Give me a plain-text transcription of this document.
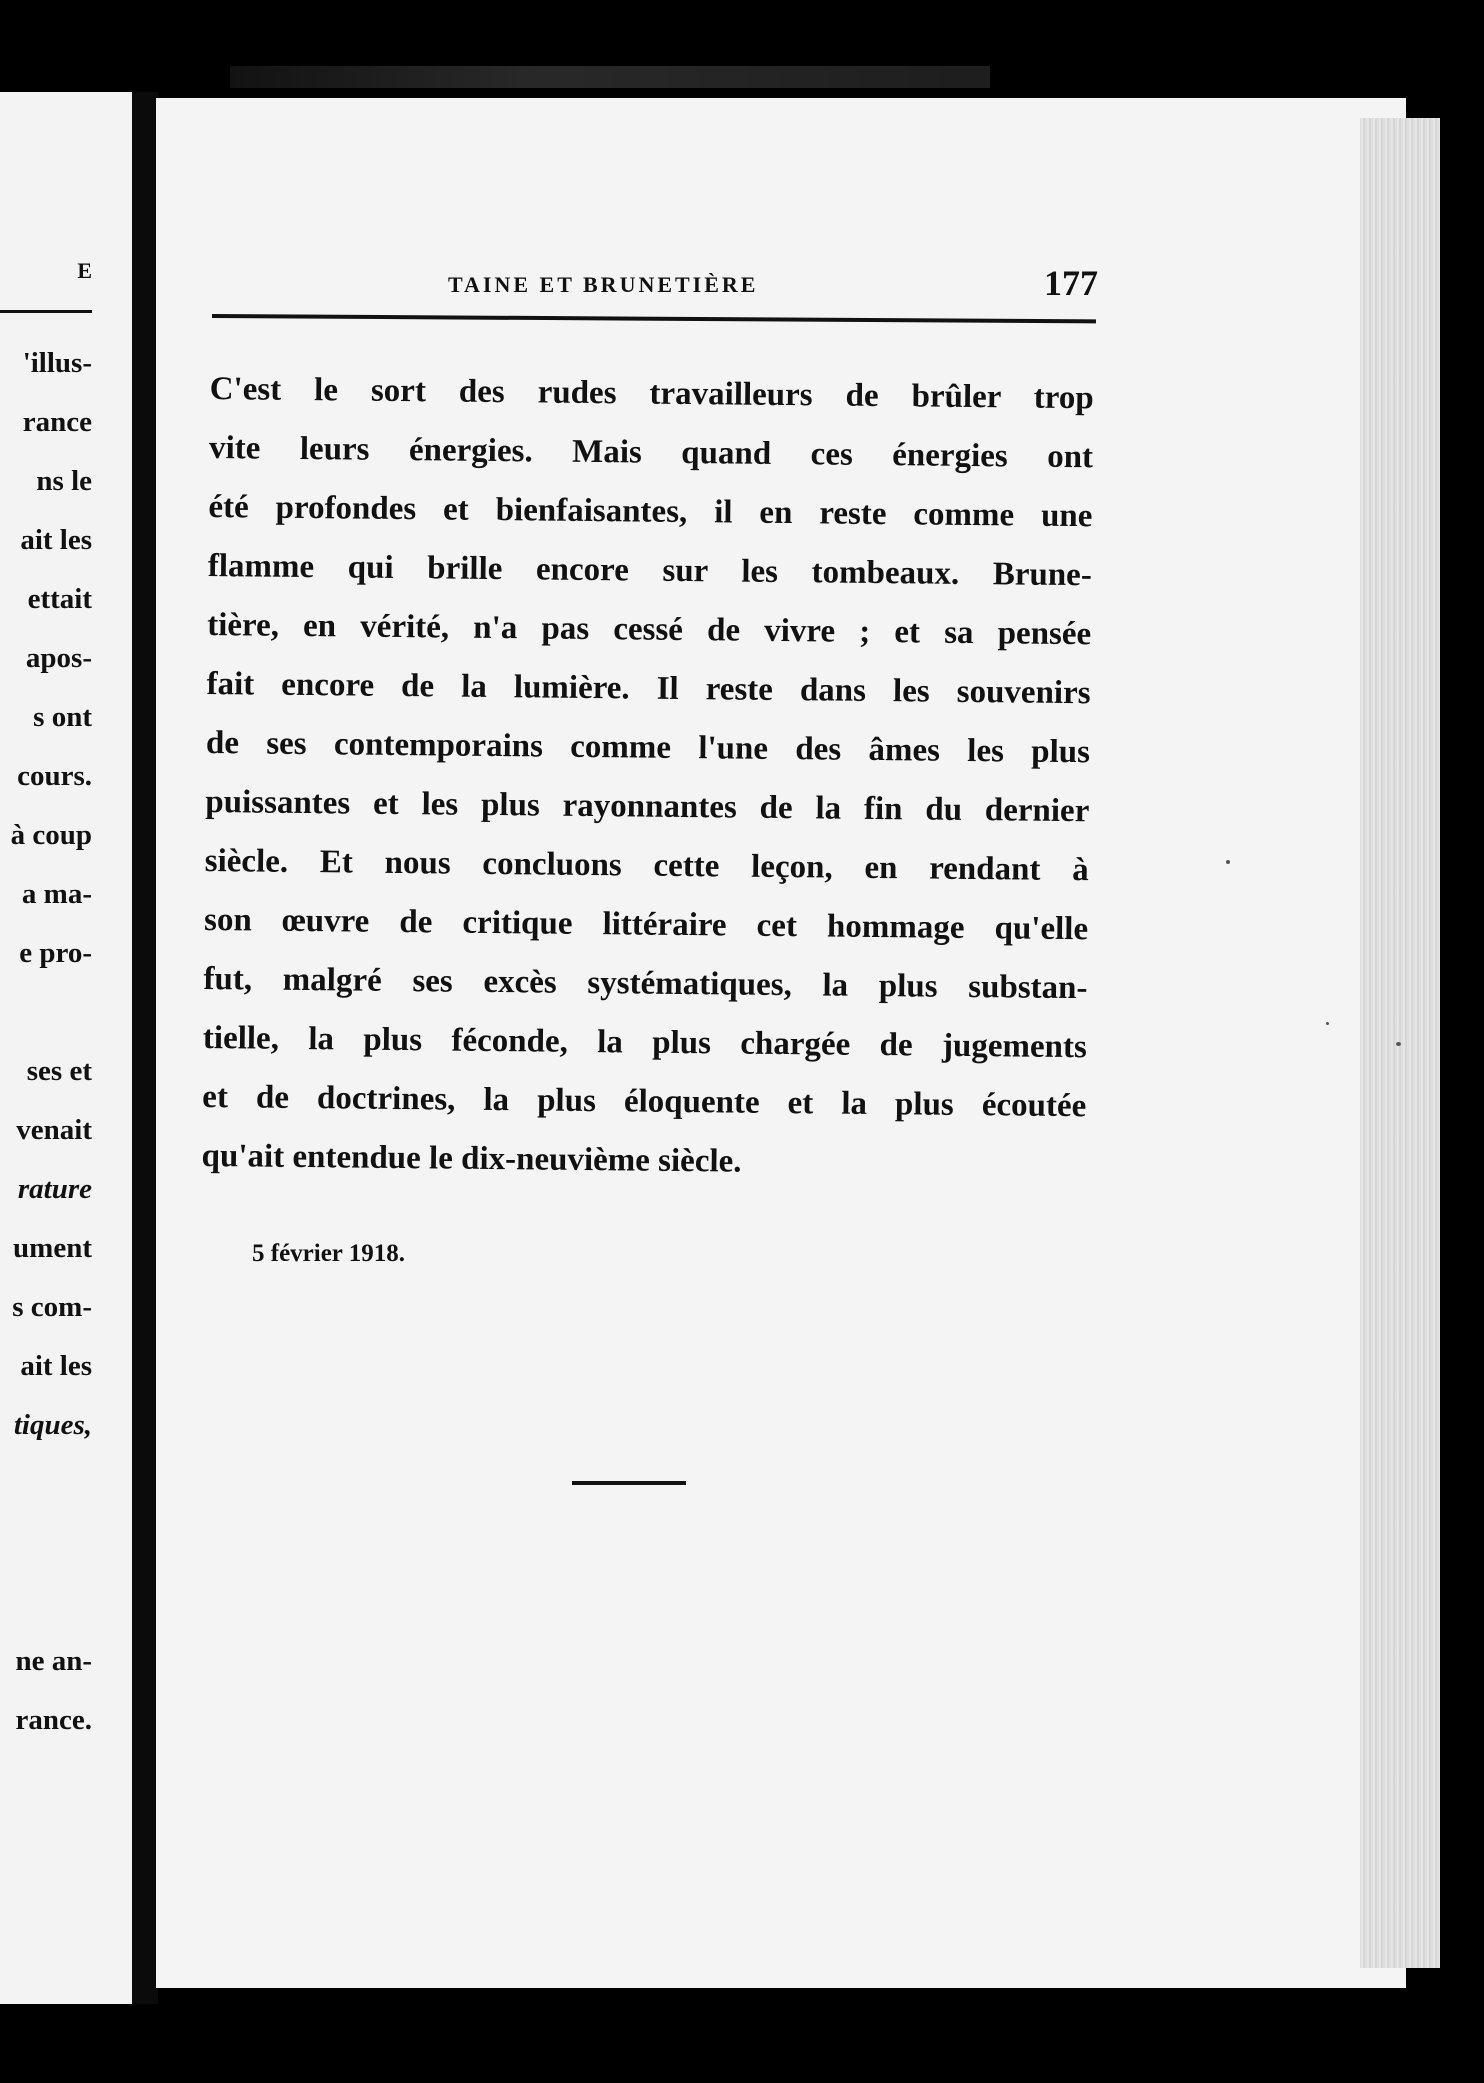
E
'illus-
rance
ns le
ait les
ettait
apos-
s ont
cours.
à coup
a ma-
e pro-
ses et
venait
rature
ument
s com-
ait les
tiques,
ne an-
rance.
TAINE ET BRUNETIÈRE	177
C'est le sort des rudes travailleurs de brûler trop
vite leurs énergies. Mais quand ces énergies ont
été profondes et bienfaisantes, il en reste comme une
flamme qui brille encore sur les tombeaux. Brune-
tière, en vérité, n'a pas cessé de vivre ; et sa pensée
fait encore de la lumière. Il reste dans les souvenirs
de ses contemporains comme l'une des âmes les plus
puissantes et les plus rayonnantes de la fin du dernier
siècle. Et nous concluons cette leçon, en rendant à
son œuvre de critique littéraire cet hommage qu'elle
fut, malgré ses excès systématiques, la plus substan-
tielle, la plus féconde, la plus chargée de jugements
et de doctrines, la plus éloquente et la plus écoutée
qu'ait entendue le dix-neuvième siècle.
5 février 1918.
